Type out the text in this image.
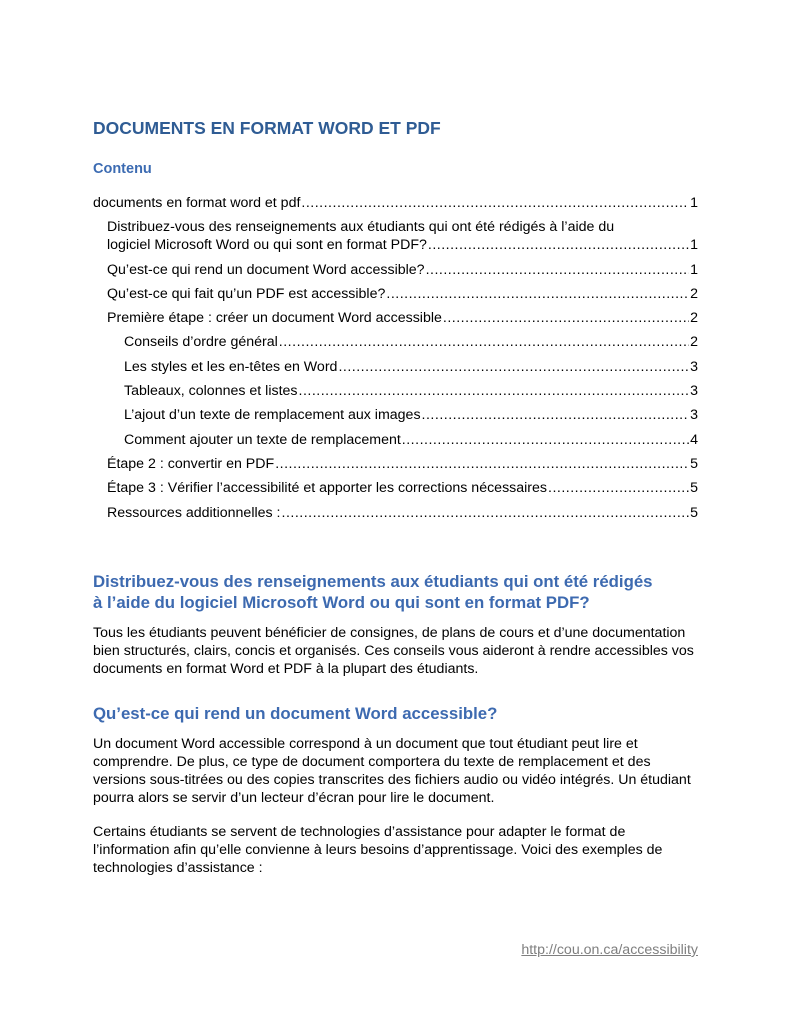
DOCUMENTS EN FORMAT WORD ET PDF
Contenu
documents en format word et pdf .....	1
Distribuez-vous des renseignements aux étudiants qui ont été rédigés à l’aide du
logiciel Microsoft Word ou qui sont en format PDF? .....	1
Qu’est-ce qui rend un document Word accessible? .....	1
Qu’est-ce qui fait qu’un PDF est accessible? .....	2
Première étape : créer un document Word accessible .....	2
Conseils d’ordre général .....	2
Les styles et les en-têtes en Word .....	3
Tableaux, colonnes et listes .....	3
L’ajout d’un texte de remplacement aux images .....	3
Comment ajouter un texte de remplacement .....	4
Étape 2 : convertir en PDF .....	5
Étape 3 : Vérifier l’accessibilité et apporter les corrections nécessaires .....	5
Ressources additionnelles : .....	5
Distribuez-vous des renseignements aux étudiants qui ont été rédigés
à l’aide du logiciel Microsoft Word ou qui sont en format PDF?
Tous les étudiants peuvent bénéficier de consignes, de plans de cours et d’une documentation bien structurés, clairs, concis et organisés. Ces conseils vous aideront à rendre accessibles vos documents en format Word et PDF à la plupart des étudiants.
Qu’est-ce qui rend un document Word accessible?
Un document Word accessible correspond à un document que tout étudiant peut lire et comprendre. De plus, ce type de document comportera du texte de remplacement et des versions sous-titrées ou des copies transcrites des fichiers audio ou vidéo intégrés. Un étudiant pourra alors se servir d’un lecteur d’écran pour lire le document.
Certains étudiants se servent de technologies d’assistance pour adapter le format de l’information afin qu’elle convienne à leurs besoins d’apprentissage. Voici des exemples de technologies d’assistance :
http://cou.on.ca/accessibility
